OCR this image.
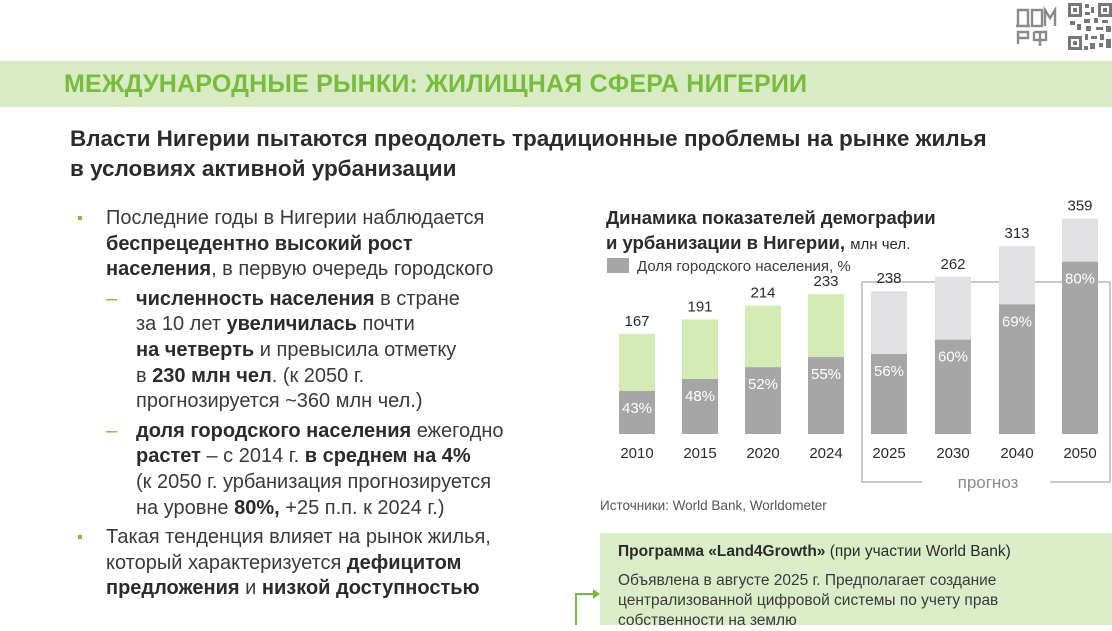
МЕЖДУНАРОДНЫЕ РЫНКИ: ЖИЛИЩНАЯ СФЕРА НИГЕРИИ
Власти Нигерии пытаются преодолеть традиционные проблемы на рынке жилья
в условиях активной урбанизации
▪ Последние годы в Нигерии наблюдается
беспрецедентно высокий рост
населения, в первую очередь городского
– численность населения в стране
за 10 лет увеличилась почти
на четверть и превысила отметку
в 230 млн чел. (к 2050 г.
прогнозируется ~360 млн чел.)
– доля городского населения ежегодно
растет – с 2014 г. в среднем на 4%
(к 2050 г. урбанизация прогнозируется
на уровне 80%, +25 п.п. к 2024 г.)
▪ Такая тенденция влияет на рынок жилья,
который характеризуется дефицитом
предложения и низкой доступностью
Динамика показателей демографии
и урбанизации в Нигерии, млн чел.
Доля городского населения, %
прогноз
167
43%
2010
191
48%
2015
214
52%
2020
233
55%
2024
238
56%
2025
262
60%
2030
313
69%
2040
359
80%
2050
Источники: World Bank, Worldometer
Программа «Land4Growth» (при участии World Bank)
Объявлена в августе 2025 г. Предполагает создание
централизованной цифровой системы по учету прав
собственности на землю
